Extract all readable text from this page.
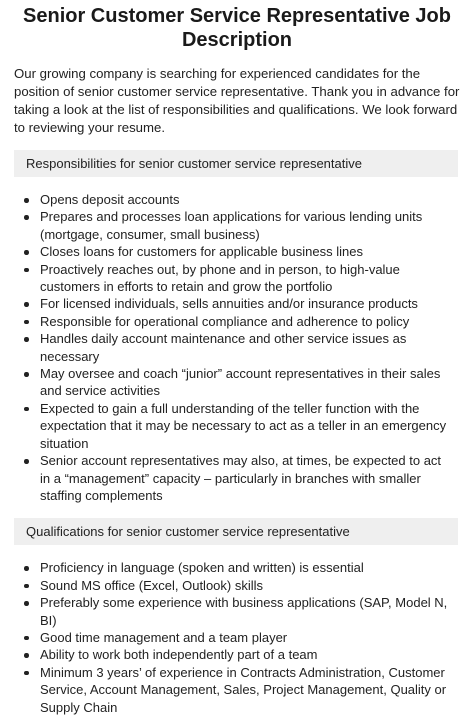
Senior Customer Service Representative Job Description

Our growing company is searching for experienced candidates for the position of senior customer service representative. Thank you in advance for taking a look at the list of responsibilities and qualifications. We look forward to reviewing your resume.

Responsibilities for senior customer service representative
Opens deposit accounts
Prepares and processes loan applications for various lending units (mortgage, consumer, small business)
Closes loans for customers for applicable business lines
Proactively reaches out, by phone and in person, to high-value customers in efforts to retain and grow the portfolio
For licensed individuals, sells annuities and/or insurance products
Responsible for operational compliance and adherence to policy
Handles daily account maintenance and other service issues as necessary
May oversee and coach “junior” account representatives in their sales and service activities
Expected to gain a full understanding of the teller function with the expectation that it may be necessary to act as a teller in an emergency situation
Senior account representatives may also, at times, be expected to act in a “management” capacity – particularly in branches with smaller staffing complements
Qualifications for senior customer service representative
Proficiency in language (spoken and written) is essential
Sound MS office (Excel, Outlook) skills
Preferably some experience with business applications (SAP, Model N, BI)
Good time management and a team player
Ability to work both independently part of a team
Minimum 3 years’ of experience in Contracts Administration, Customer Service, Account Management, Sales, Project Management, Quality or Supply Chain
